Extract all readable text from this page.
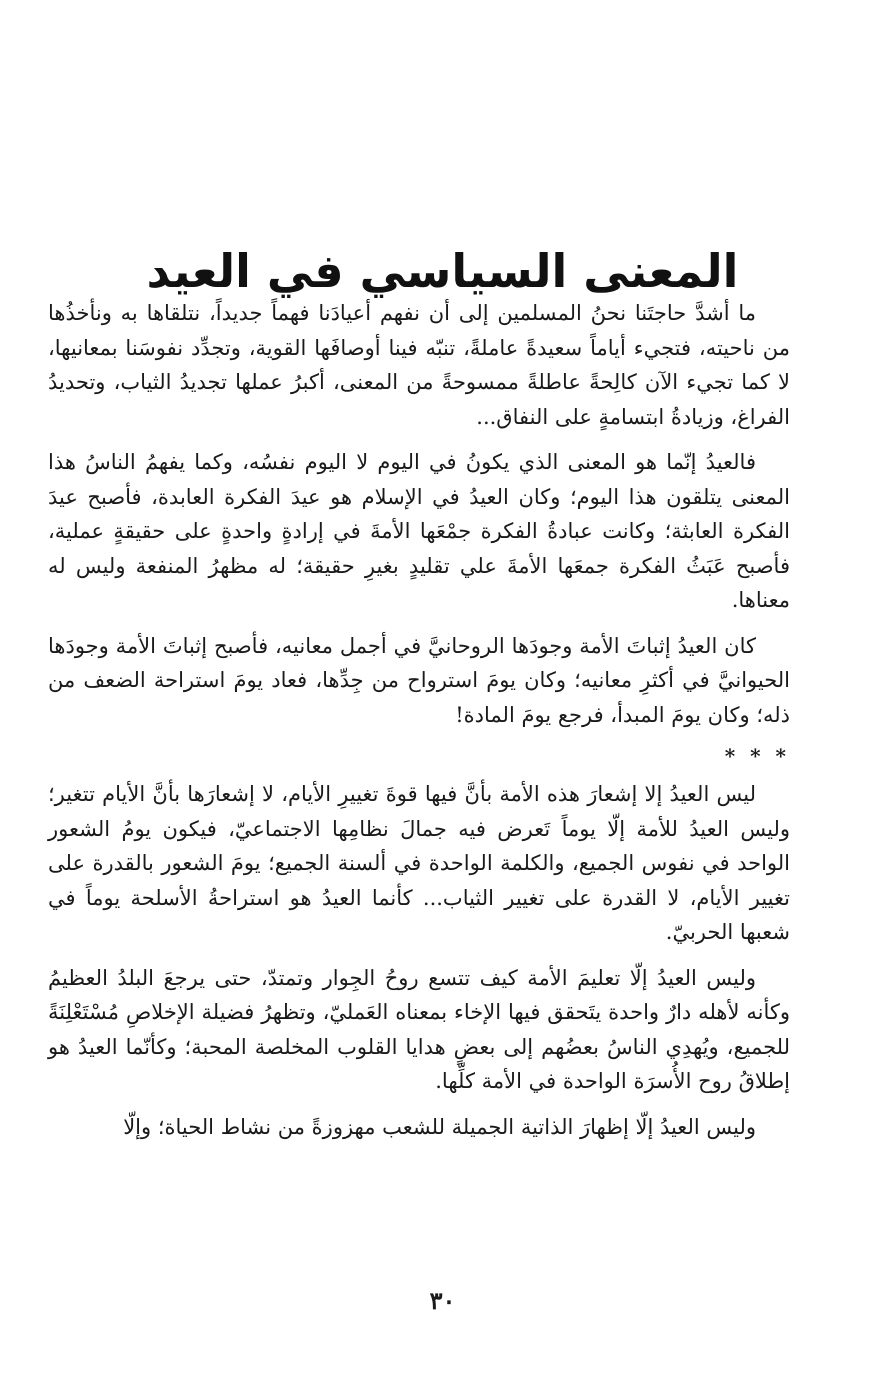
المعنى السياسي في العيد

ما أشدَّ حاجتَنا نحنُ المسلمين إلى أن نفهم أعيادَنا فهماً جديداً، نتلقاها به ونأخذُها من ناحيته، فتجيء أياماً سعيدةً عاملةً، تنبّه فينا أوصافَها القوية، وتجدِّد نفوسَنا بمعانيها، لا كما تجيء الآن كالِحةً عاطلةً ممسوحةً من المعنى، أكبرُ عملها تجديدُ الثياب، وتحديدُ الفراغ، وزيادةُ ابتسامةٍ على النفاق...

فالعيدُ إنّما هو المعنى الذي يكونُ في اليوم لا اليوم نفسُه، وكما يفهمُ الناسُ هذا المعنى يتلقون هذا اليوم؛ وكان العيدُ في الإسلام هو عيدَ الفكرة العابدة، فأصبح عيدَ الفكرة العابثة؛ وكانت عبادةُ الفكرة جمْعَها الأمةَ في إرادةٍ واحدةٍ على حقيقةٍ عملية، فأصبح عَبَثُ الفكرة جمعَها الأمةَ علي تقليدٍ بغيرِ حقيقة؛ له مظهرُ المنفعة وليس له معناها.

كان العيدُ إثباتَ الأمة وجودَها الروحانيَّ في أجمل معانيه، فأصبح إثباتَ الأمة وجودَها الحيوانيَّ في أكثرِ معانيه؛ وكان يومَ استرواح من جِدِّها، فعاد يومَ استراحة الضعف من ذله؛ وكان يومَ المبدأ، فرجع يومَ المادة!

* * *

ليس العيدُ إلا إشعارَ هذه الأمة بأنَّ فيها قوةَ تغييرِ الأيام، لا إشعارَها بأنَّ الأيام تتغير؛ وليس العيدُ للأمة إلّا يوماً تَعرض فيه جمالَ نظامِها الاجتماعيّ، فيكون يومُ الشعور الواحد في نفوس الجميع، والكلمة الواحدة في ألسنة الجميع؛ يومَ الشعور بالقدرة على تغيير الأيام، لا القدرة على تغيير الثياب... كأنما العيدُ هو استراحةُ الأسلحة يوماً في شعبها الحربيّ.

وليس العيدُ إلّا تعليمَ الأمة كيف تتسع روحُ الجِوار وتمتدّ، حتى يرجعَ البلدُ العظيمُ وكأنه لأهله دارٌ واحدة يتَحقق فيها الإخاء بمعناه العَمليّ، وتظهرُ فضيلة الإخلاصِ مُسْتَعْلِنَةً للجميع، ويُهدِي الناسُ بعضُهم إلى بعضٍ هدايا القلوب المخلصة المحبة؛ وكأنّما العيدُ هو إطلاقُ روح الأُسرَة الواحدة في الأمة كلِّها.

وليس العيدُ إلّا إظهارَ الذاتية الجميلة للشعب مهزوزةً من نشاط الحياة؛ وإلّا

٣٠
